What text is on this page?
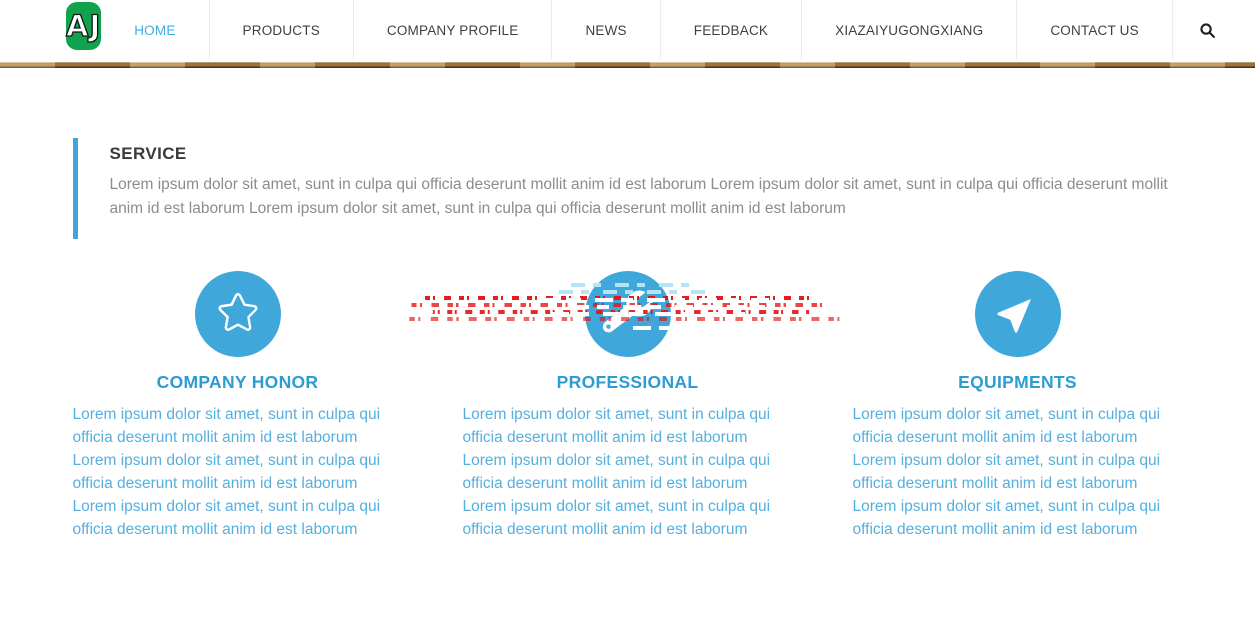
AJ	HOME	PRODUCTS	COMPANY PROFILE	NEWS	FEEDBACK	XIAZAIYUGONGXIANG	CONTACT US
SERVICE

Lorem ipsum dolor sit amet, sunt in culpa qui officia deserunt mollit anim id est laborum Lorem ipsum dolor sit amet, sunt in culpa qui officia deserunt mollit anim id est laborum Lorem ipsum dolor sit amet, sunt in culpa qui officia deserunt mollit anim id est laborum

COMPANY HONOR

Lorem ipsum dolor sit amet, sunt in culpa qui officia deserunt mollit anim id est laborum Lorem ipsum dolor sit amet, sunt in culpa qui officia deserunt mollit anim id est laborum Lorem ipsum dolor sit amet, sunt in culpa qui officia deserunt mollit anim id est laborum

PROFESSIONAL

Lorem ipsum dolor sit amet, sunt in culpa qui officia deserunt mollit anim id est laborum Lorem ipsum dolor sit amet, sunt in culpa qui officia deserunt mollit anim id est laborum Lorem ipsum dolor sit amet, sunt in culpa qui officia deserunt mollit anim id est laborum

EQUIPMENTS

Lorem ipsum dolor sit amet, sunt in culpa qui officia deserunt mollit anim id est laborum Lorem ipsum dolor sit amet, sunt in culpa qui officia deserunt mollit anim id est laborum Lorem ipsum dolor sit amet, sunt in culpa qui officia deserunt mollit anim id est laborum
